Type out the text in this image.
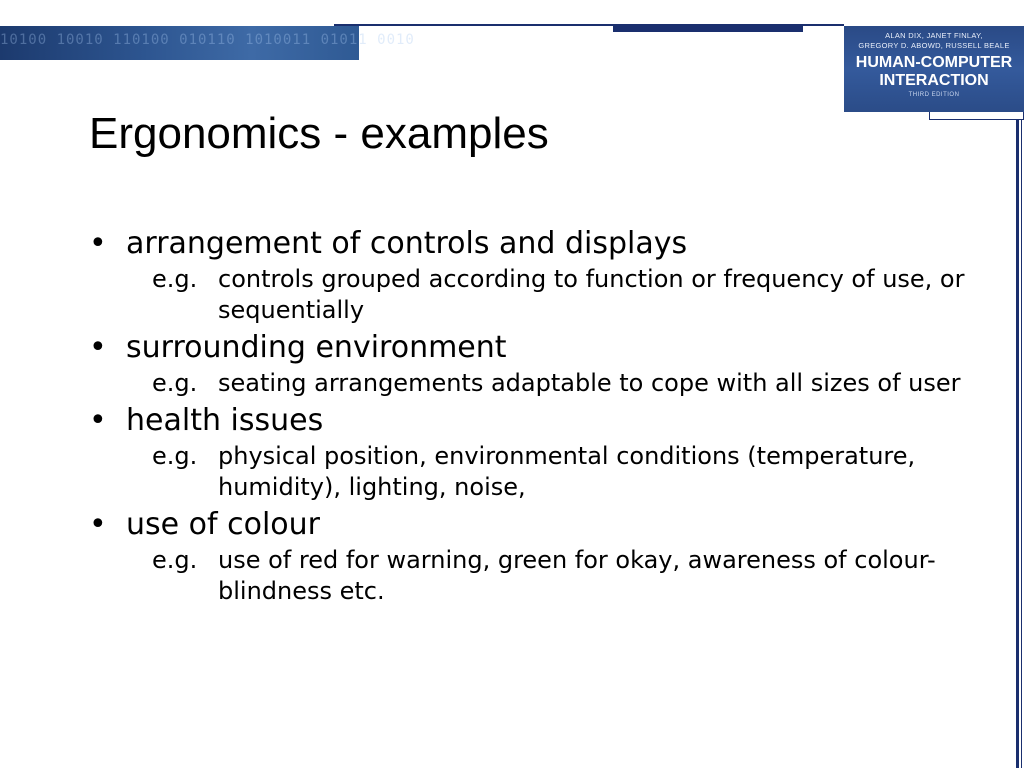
10100 10010 110100 010110 1010011 01011 0010	ALAN DIX, JANET FINLAY,
GREGORY D. ABOWD, RUSSELL BEALE
HUMAN-COMPUTER
INTERACTION
THIRD EDITION
Ergonomics - examples
• arrangement of controls and displays
e.g. controls grouped according to function or frequency of use, or sequentially
• surrounding environment
e.g. seating arrangements adaptable to cope with all sizes of user
• health issues
e.g. physical position, environmental conditions (temperature, humidity), lighting, noise,
• use of colour
e.g. use of red for warning, green for okay, awareness of colour-blindness etc.
